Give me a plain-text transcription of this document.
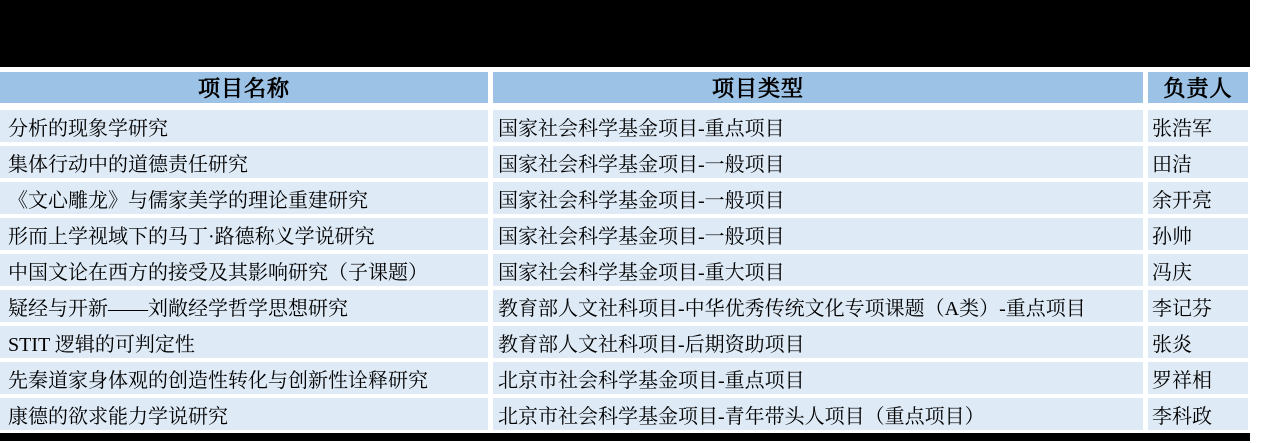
项目名称	项目类型	负责人
分析的现象学研究	国家社会科学基金项目-重点项目	张浩军
集体行动中的道德责任研究	国家社会科学基金项目-一般项目	田洁
《文心雕龙》与儒家美学的理论重建研究	国家社会科学基金项目-一般项目	余开亮
形而上学视域下的马丁·路德称义学说研究	国家社会科学基金项目-一般项目	孙帅
中国文论在西方的接受及其影响研究（子课题）	国家社会科学基金项目-重大项目	冯庆
疑经与开新——刘敞经学哲学思想研究	教育部人文社科项目-中华优秀传统文化专项课题（A类）-重点项目	李记芬
STIT 逻辑的可判定性	教育部人文社科项目-后期资助项目	张炎
先秦道家身体观的创造性转化与创新性诠释研究	北京市社会科学基金项目-重点项目	罗祥相
康德的欲求能力学说研究	北京市社会科学基金项目-青年带头人项目（重点项目）	李科政
